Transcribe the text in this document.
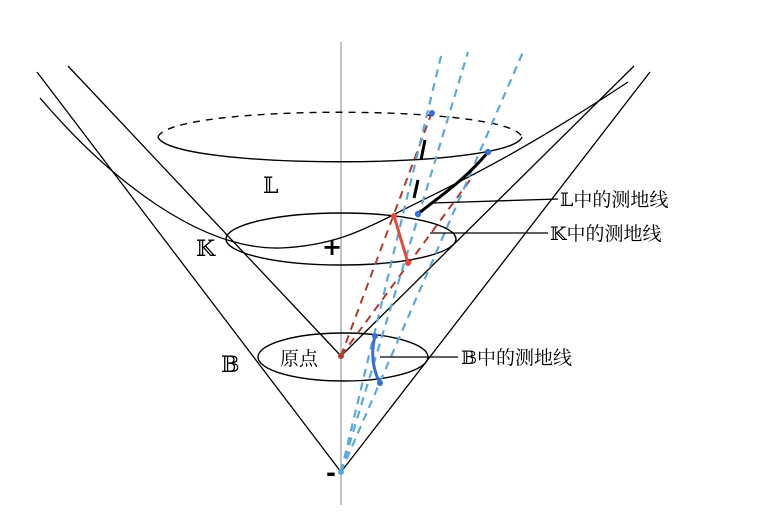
𝕃
𝕂
𝔹 原点
+
-
𝕃中的测地线
𝕂中的测地线
𝔹中的测地线
